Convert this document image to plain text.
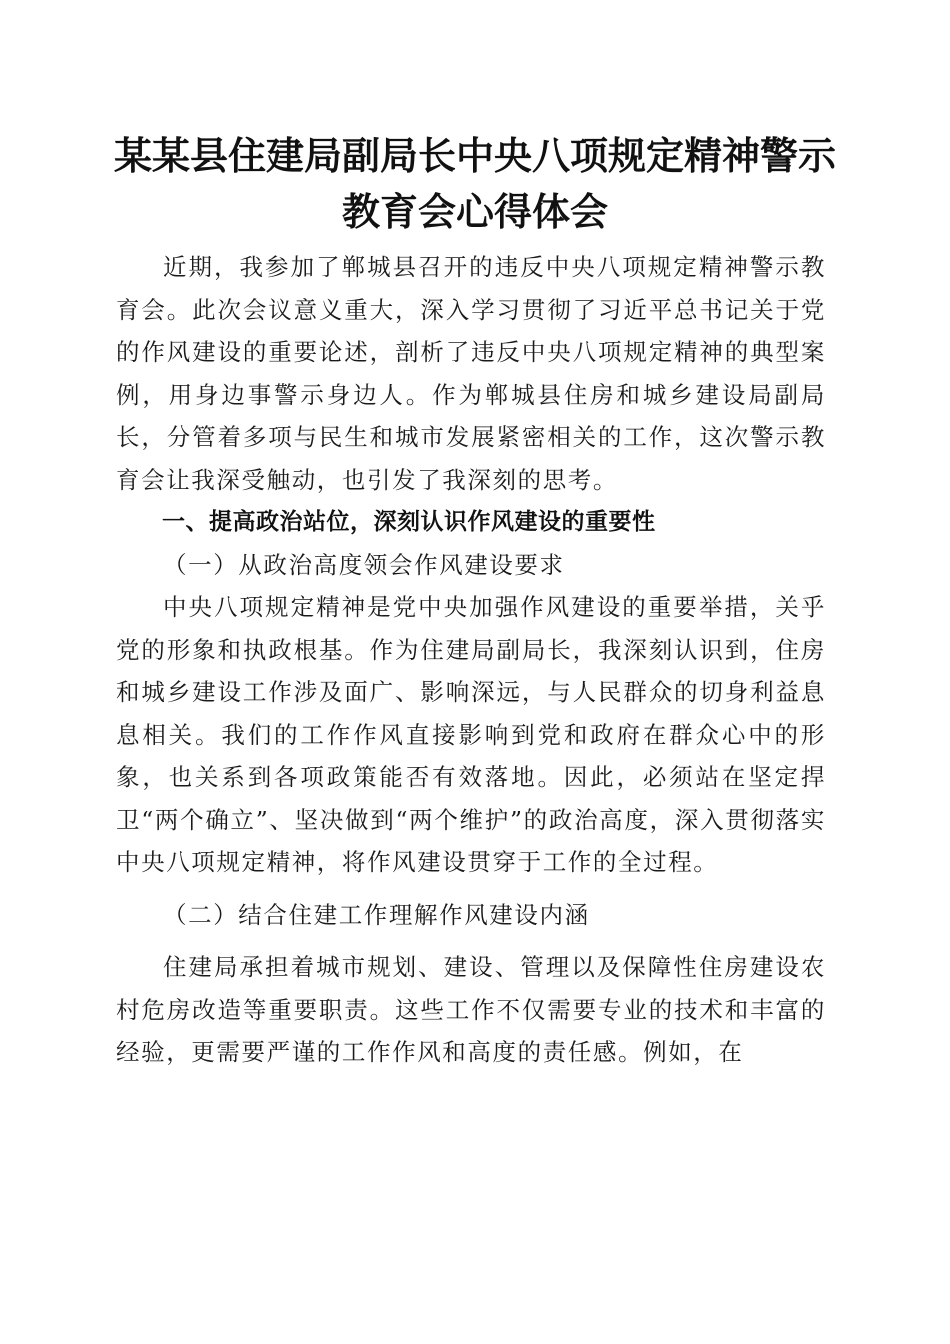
某某县住建局副局长中央八项规定精神警示教育会心得体会

近期，我参加了郸城县召开的违反中央八项规定精神警示教育会。此次会议意义重大，深入学习贯彻了习近平总书记关于党的作风建设的重要论述，剖析了违反中央八项规定精神的典型案例，用身边事警示身边人。作为郸城县住房和城乡建设局副局长，分管着多项与民生和城市发展紧密相关的工作，这次警示教育会让我深受触动，也引发了我深刻的思考。

一、提高政治站位，深刻认识作风建设的重要性

（一）从政治高度领会作风建设要求

中央八项规定精神是党中央加强作风建设的重要举措，关乎党的形象和执政根基。作为住建局副局长，我深刻认识到，住房和城乡建设工作涉及面广、影响深远，与人民群众的切身利益息息相关。我们的工作作风直接影响到党和政府在群众心中的形象，也关系到各项政策能否有效落地。因此，必须站在坚定捍卫“两个确立”、坚决做到“两个维护”的政治高度，深入贯彻落实中央八项规定精神，将作风建设贯穿于工作的全过程。

（二）结合住建工作理解作风建设内涵

住建局承担着城市规划、建设、管理以及保障性住房建设农村危房改造等重要职责。这些工作不仅需要专业的技术和丰富的经验，更需要严谨的工作作风和高度的责任感。例如，在
